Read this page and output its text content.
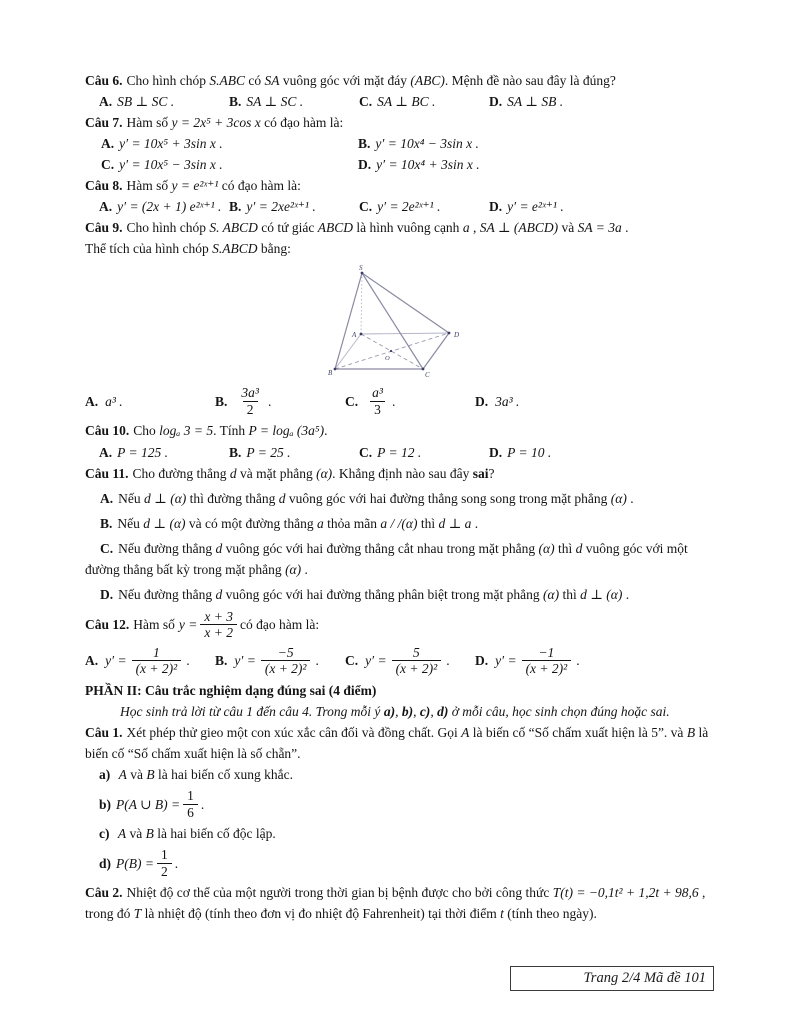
Câu 6. Cho hình chóp S.ABC có SA vuông góc với mặt đáy (ABC). Mệnh đề nào sau đây là đúng?

A. SB ⊥ SC .	B. SA ⊥ SC .	C. SA ⊥ BC .	D. SA ⊥ SB .

Câu 7. Hàm số y = 2x⁵ + 3cos x có đạo hàm là:

A. y′ = 10x⁵ + 3sin x .	B. y′ = 10x⁴ − 3sin x .
C. y′ = 10x⁵ − 3sin x .	D. y′ = 10x⁴ + 3sin x .

Câu 8. Hàm số y = e²ˣ⁺¹ có đạo hàm là:

A. y′ = (2x + 1) e²ˣ⁺¹ . B. y′ = 2xe²ˣ⁺¹ .	C. y′ = 2e²ˣ⁺¹ .	D. y′ = e²ˣ⁺¹ .

Câu 9. Cho hình chóp S. ABCD có tứ giác ABCD là hình vuông cạnh a , SA ⊥ (ABCD) và SA = 3a .

Thể tích của hình chóp S.ABCD bằng:

S
A	D
B	C
O
A. a³ .	B. $\frac{\text{3a³}}{2}$ .	C. $\frac{\text{a³}}{3}$ .	D. 3a³ .

Câu 10. Cho logₐ 3 = 5. Tính P = logₐ (3a⁵).

A. P = 125 .	B. P = 25 .	C. P = 12 .	D. P = 10 .

Câu 11. Cho đường thẳng d và mặt phẳng (α). Khẳng định nào sau đây sai?

A. Nếu d ⊥ (α) thì đường thẳng d vuông góc với hai đường thẳng song song trong mặt phẳng (α) .

B. Nếu d ⊥ (α) và có một đường thẳng a thỏa mãn a / /(α) thì d ⊥ a .

C. Nếu đường thẳng d vuông góc với hai đường thẳng cắt nhau trong mặt phẳng (α) thì d vuông góc với một đường thẳng bất kỳ trong mặt phẳng (α) .

D. Nếu đường thẳng d vuông góc với hai đường thẳng phân biệt trong mặt phẳng (α) thì d ⊥ (α) .

Câu 12. Hàm số $y = \frac{x + 3}{x + 2}$ có đạo hàm là:
A. $y' = \frac{1}{\text{(x + 2)²}}$ . B. $y' = \frac{-5}{\text{(x + 2)²}}$ . C. $y' = \frac{5}{\text{(x + 2)²}}$ . D. $y' = \frac{-1}{\text{(x + 2)²}}$ .

PHẦN II: Câu trắc nghiệm dạng đúng sai (4 điểm)

Học sinh trả lời từ câu 1 đến câu 4. Trong mỗi ý a), b), c), d) ở mỗi câu, học sinh chọn đúng hoặc sai.

Câu 1. Xét phép thử gieo một con xúc xắc cân đối và đồng chất. Gọi A là biến cố “Số chấm xuất hiện là 5”. và B là biến cố “Số chấm xuất hiện là số chẵn”.

a) A và B là hai biến cố xung khắc.

b) P(A ∪ $B) = \frac{1}{6}$ .

c) A và B là hai biến cố độc lập.

d) $P(B) = \frac{1}{2}$ .

Câu 2. Nhiệt độ cơ thể của một người trong thời gian bị bệnh được cho bởi công thức T(t) = −0,1t² + 1,2t + 98,6 , trong đó T là nhiệt độ (tính theo đơn vị đo nhiệt độ Fahrenheit) tại thời điểm t (tính theo ngày).

Trang 2/4 Mã đề 101
